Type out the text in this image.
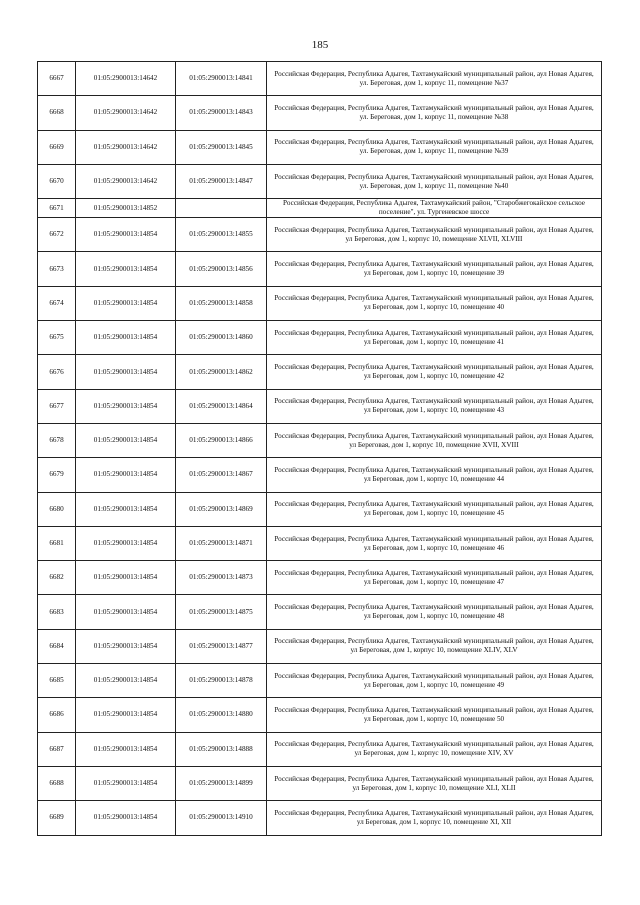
185
6667	01:05:2900013:14642	01:05:2900013:14841	Российская Федерация, Республика Адыгея, Тахтамукайский муниципальный район, аул Новая Адыгея, ул. Береговая, дом 1, корпус 11, помещение №37
6668	01:05:2900013:14642	01:05:2900013:14843	Российская Федерация, Республика Адыгея, Тахтамукайский муниципальный район, аул Новая Адыгея, ул. Береговая, дом 1, корпус 11, помещение №38
6669	01:05:2900013:14642	01:05:2900013:14845	Российская Федерация, Республика Адыгея, Тахтамукайский муниципальный район, аул Новая Адыгея, ул. Береговая, дом 1, корпус 11, помещение №39
6670	01:05:2900013:14642	01:05:2900013:14847	Российская Федерация, Республика Адыгея, Тахтамукайский муниципальный район, аул Новая Адыгея, ул. Береговая, дом 1, корпус 11, помещение №40
6671	01:05:2900013:14852		Российская Федерация, Республика Адыгея, Тахтамукайский район, "Старобжегокайское сельское поселение", ул. Тургеневское шоссе
6672	01:05:2900013:14854	01:05:2900013:14855	Российская Федерация, Республика Адыгея, Тахтамукайский муниципальный район, аул Новая Адыгея, ул Береговая, дом 1, корпус 10, помещение XLVII, XLVIII
6673	01:05:2900013:14854	01:05:2900013:14856	Российская Федерация, Республика Адыгея, Тахтамукайский муниципальный район, аул Новая Адыгея, ул Береговая, дом 1, корпус 10, помещение 39
6674	01:05:2900013:14854	01:05:2900013:14858	Российская Федерация, Республика Адыгея, Тахтамукайский муниципальный район, аул Новая Адыгея, ул Береговая, дом 1, корпус 10, помещение 40
6675	01:05:2900013:14854	01:05:2900013:14860	Российская Федерация, Республика Адыгея, Тахтамукайский муниципальный район, аул Новая Адыгея, ул Береговая, дом 1, корпус 10, помещение 41
6676	01:05:2900013:14854	01:05:2900013:14862	Российская Федерация, Республика Адыгея, Тахтамукайский муниципальный район, аул Новая Адыгея, ул Береговая, дом 1, корпус 10, помещение 42
6677	01:05:2900013:14854	01:05:2900013:14864	Российская Федерация, Республика Адыгея, Тахтамукайский муниципальный район, аул Новая Адыгея, ул Береговая, дом 1, корпус 10, помещение 43
6678	01:05:2900013:14854	01:05:2900013:14866	Российская Федерация, Республика Адыгея, Тахтамукайский муниципальный район, аул Новая Адыгея, ул Береговая, дом 1, корпус 10, помещение XVII, XVIII
6679	01:05:2900013:14854	01:05:2900013:14867	Российская Федерация, Республика Адыгея, Тахтамукайский муниципальный район, аул Новая Адыгея, ул Береговая, дом 1, корпус 10, помещение 44
6680	01:05:2900013:14854	01:05:2900013:14869	Российская Федерация, Республика Адыгея, Тахтамукайский муниципальный район, аул Новая Адыгея, ул Береговая, дом 1, корпус 10, помещение 45
6681	01:05:2900013:14854	01:05:2900013:14871	Российская Федерация, Республика Адыгея, Тахтамукайский муниципальный район, аул Новая Адыгея, ул Береговая, дом 1, корпус 10, помещение 46
6682	01:05:2900013:14854	01:05:2900013:14873	Российская Федерация, Республика Адыгея, Тахтамукайский муниципальный район, аул Новая Адыгея, ул Береговая, дом 1, корпус 10, помещение 47
6683	01:05:2900013:14854	01:05:2900013:14875	Российская Федерация, Республика Адыгея, Тахтамукайский муниципальный район, аул Новая Адыгея, ул Береговая, дом 1, корпус 10, помещение 48
6684	01:05:2900013:14854	01:05:2900013:14877	Российская Федерация, Республика Адыгея, Тахтамукайский муниципальный район, аул Новая Адыгея, ул Береговая, дом 1, корпус 10, помещение XLIV, XLV
6685	01:05:2900013:14854	01:05:2900013:14878	Российская Федерация, Республика Адыгея, Тахтамукайский муниципальный район, аул Новая Адыгея, ул Береговая, дом 1, корпус 10, помещение 49
6686	01:05:2900013:14854	01:05:2900013:14880	Российская Федерация, Республика Адыгея, Тахтамукайский муниципальный район, аул Новая Адыгея, ул Береговая, дом 1, корпус 10, помещение 50
6687	01:05:2900013:14854	01:05:2900013:14888	Российская Федерация, Республика Адыгея, Тахтамукайский муниципальный район, аул Новая Адыгея, ул Береговая, дом 1, корпус 10, помещение XIV, XV
6688	01:05:2900013:14854	01:05:2900013:14899	Российская Федерация, Республика Адыгея, Тахтамукайский муниципальный район, аул Новая Адыгея, ул Береговая, дом 1, корпус 10, помещение XLI, XLII
6689	01:05:2900013:14854	01:05:2900013:14910	Российская Федерация, Республика Адыгея, Тахтамукайский муниципальный район, аул Новая Адыгея, ул Береговая, дом 1, корпус 10, помещение XI, XII
